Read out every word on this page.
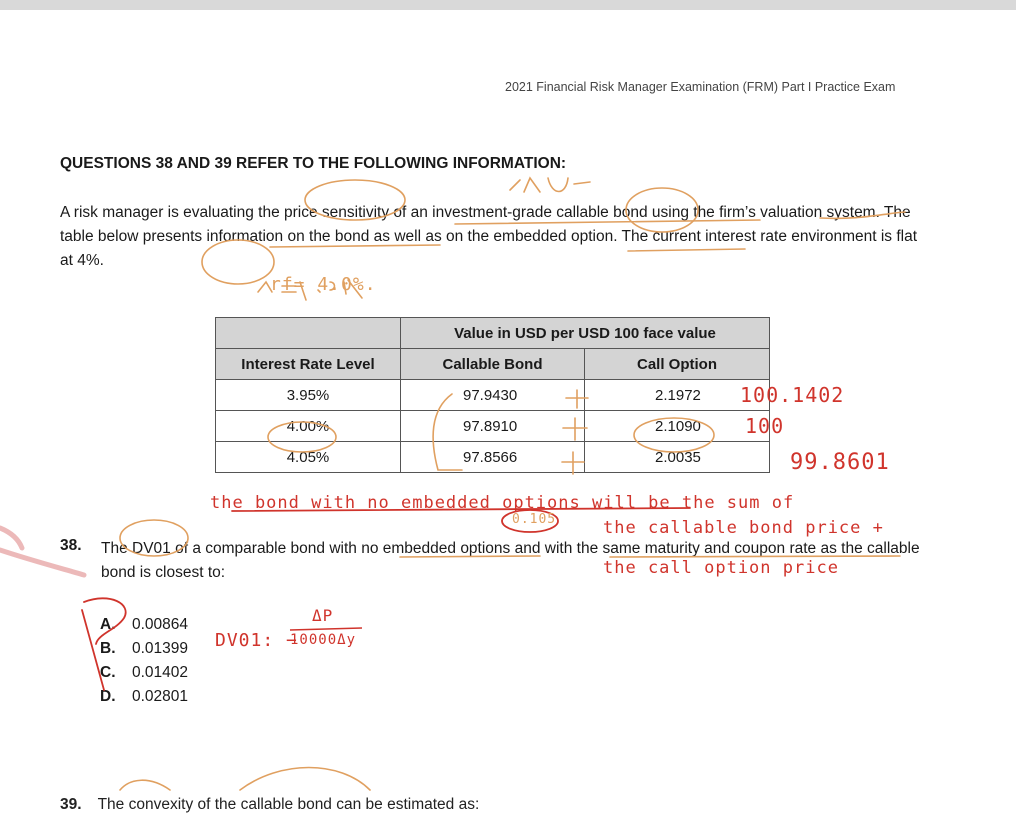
2021 Financial Risk Manager Examination (FRM) Part I Practice Exam
QUESTIONS 38 AND 39 REFER TO THE FOLLOWING INFORMATION:
A risk manager is evaluating the price sensitivity of an investment-grade callable bond using the firm’s valuation system. The table below presents information on the bond as well as on the embedded option. The current interest rate environment is flat at 4%.
	Value in USD per USD 100 face value	
Interest Rate Level	Callable Bond	Call Option
3.95%	97.9430	2.1972
4.00%	97.8910	2.1090
4.05%	97.8566	2.0035
38. The DV01 of a comparable bond with no embedded options and with the same maturity and coupon rate as the callable bond is closest to:
A. 0.00864
B. 0.01399
C. 0.01402
D. 0.02801
39. The convexity of the callable bond can be estimated as:
rf= 4.0%.
the bond with no embedded options will be the sum of
the callable bond price +
the call option price
100.1402
100
99.8601
0.105
DV01: −
ΔP
10000Δy
